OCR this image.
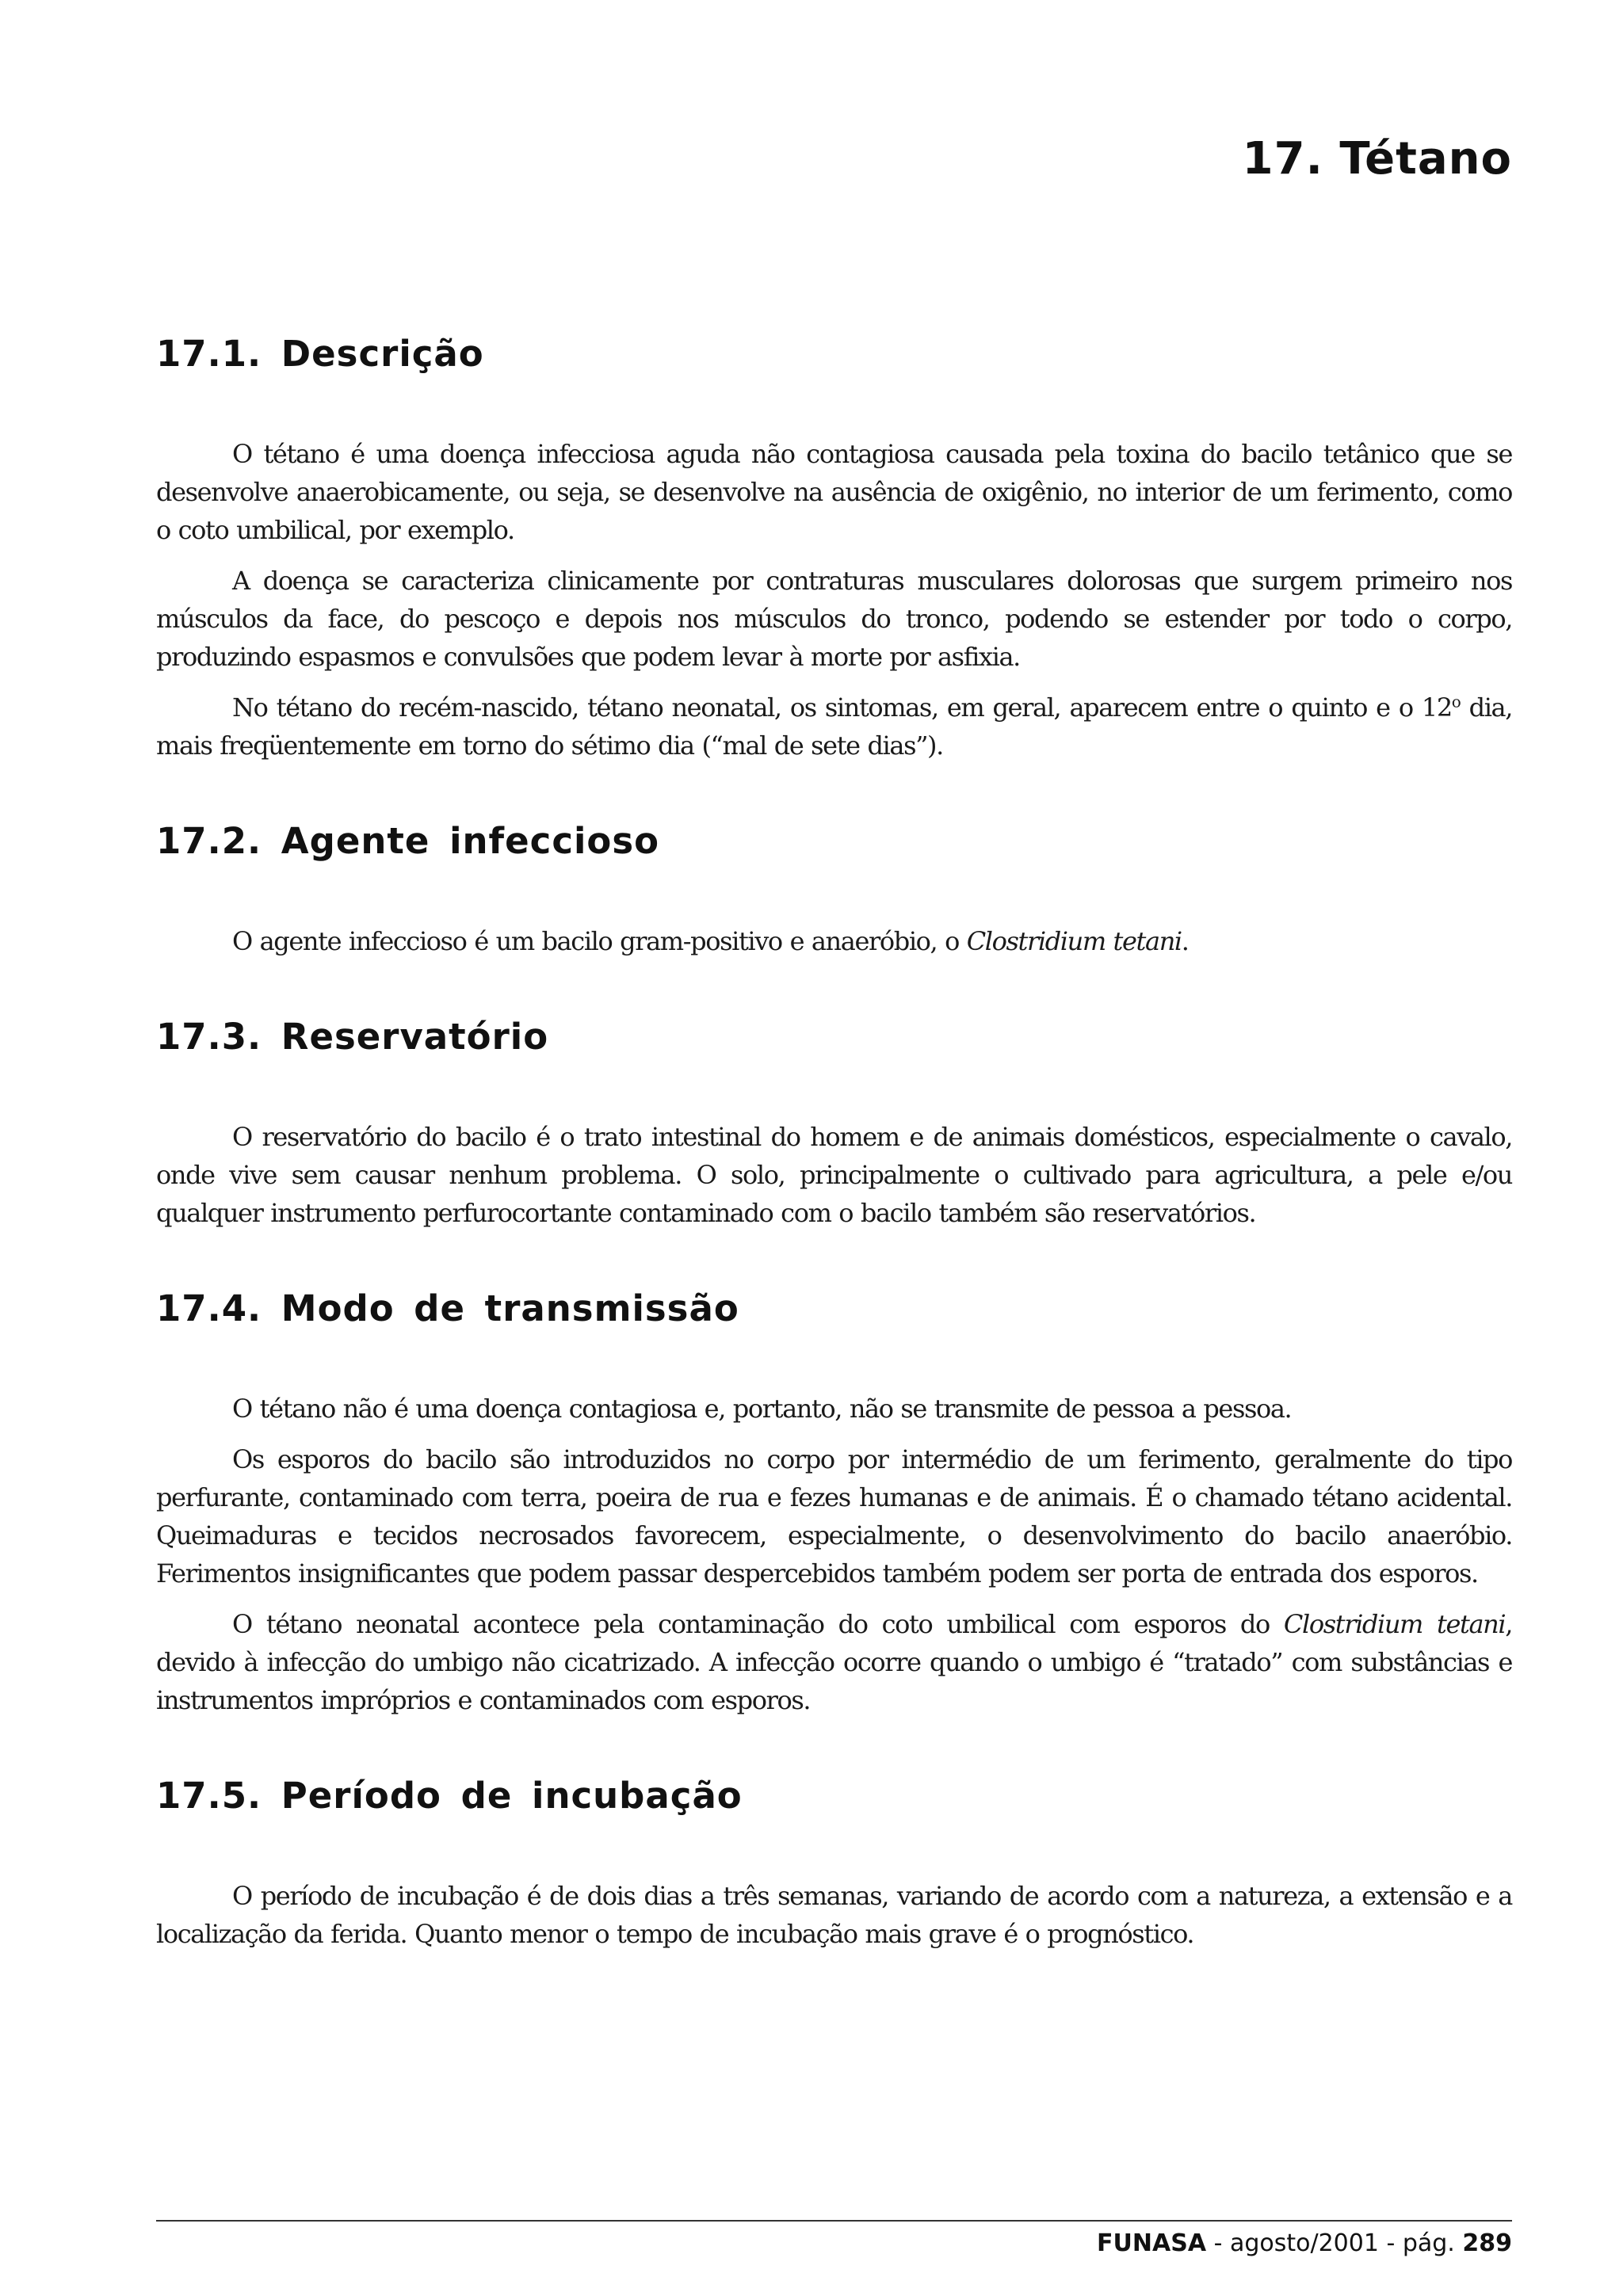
17. Tétano
17.1. Descrição

O tétano é uma doença infecciosa aguda não contagiosa causada pela toxina do bacilo tetânico que se desenvolve anaerobicamente, ou seja, se desenvolve na ausência de oxigênio, no interior de um ferimento, como o coto umbilical, por exemplo.

A doença se caracteriza clinicamente por contraturas musculares dolorosas que surgem primeiro nos músculos da face, do pescoço e depois nos músculos do tronco, podendo se estender por todo o corpo, produzindo espasmos e convulsões que podem levar à morte por asfixia.

No tétano do recém-nascido, tétano neonatal, os sintomas, em geral, aparecem entre o quinto e o 12$^o$ dia, mais freqüentemente em torno do sétimo dia (“mal de sete dias”).

17.2. Agente infeccioso

O agente infeccioso é um bacilo gram-positivo e anaeróbio, o Clostridium tetani.

17.3. Reservatório

O reservatório do bacilo é o trato intestinal do homem e de animais domésticos, especialmente o cavalo, onde vive sem causar nenhum problema. O solo, principalmente o cultivado para agricultura, a pele e/ou qualquer instrumento perfurocortante contaminado com o bacilo também são reservatórios.

17.4. Modo de transmissão

O tétano não é uma doença contagiosa e, portanto, não se transmite de pessoa a pessoa.

Os esporos do bacilo são introduzidos no corpo por intermédio de um ferimento, geralmente do tipo perfurante, contaminado com terra, poeira de rua e fezes humanas e de animais. É o chamado tétano acidental. Queimaduras e tecidos necrosados favorecem, especialmente, o desenvolvimento do bacilo anaeróbio. Ferimentos insignificantes que podem passar despercebidos também podem ser porta de entrada dos esporos.

O tétano neonatal acontece pela contaminação do coto umbilical com esporos do Clostridium tetani, devido à infecção do umbigo não cicatrizado. A infecção ocorre quando o umbigo é “tratado” com substâncias e instrumentos impróprios e contaminados com esporos.

17.5. Período de incubação

O período de incubação é de dois dias a três semanas, variando de acordo com a natureza, a extensão e a localização da ferida. Quanto menor o tempo de incubação mais grave é o prognóstico.

FUNASA - agosto/2001 - pág. 289
